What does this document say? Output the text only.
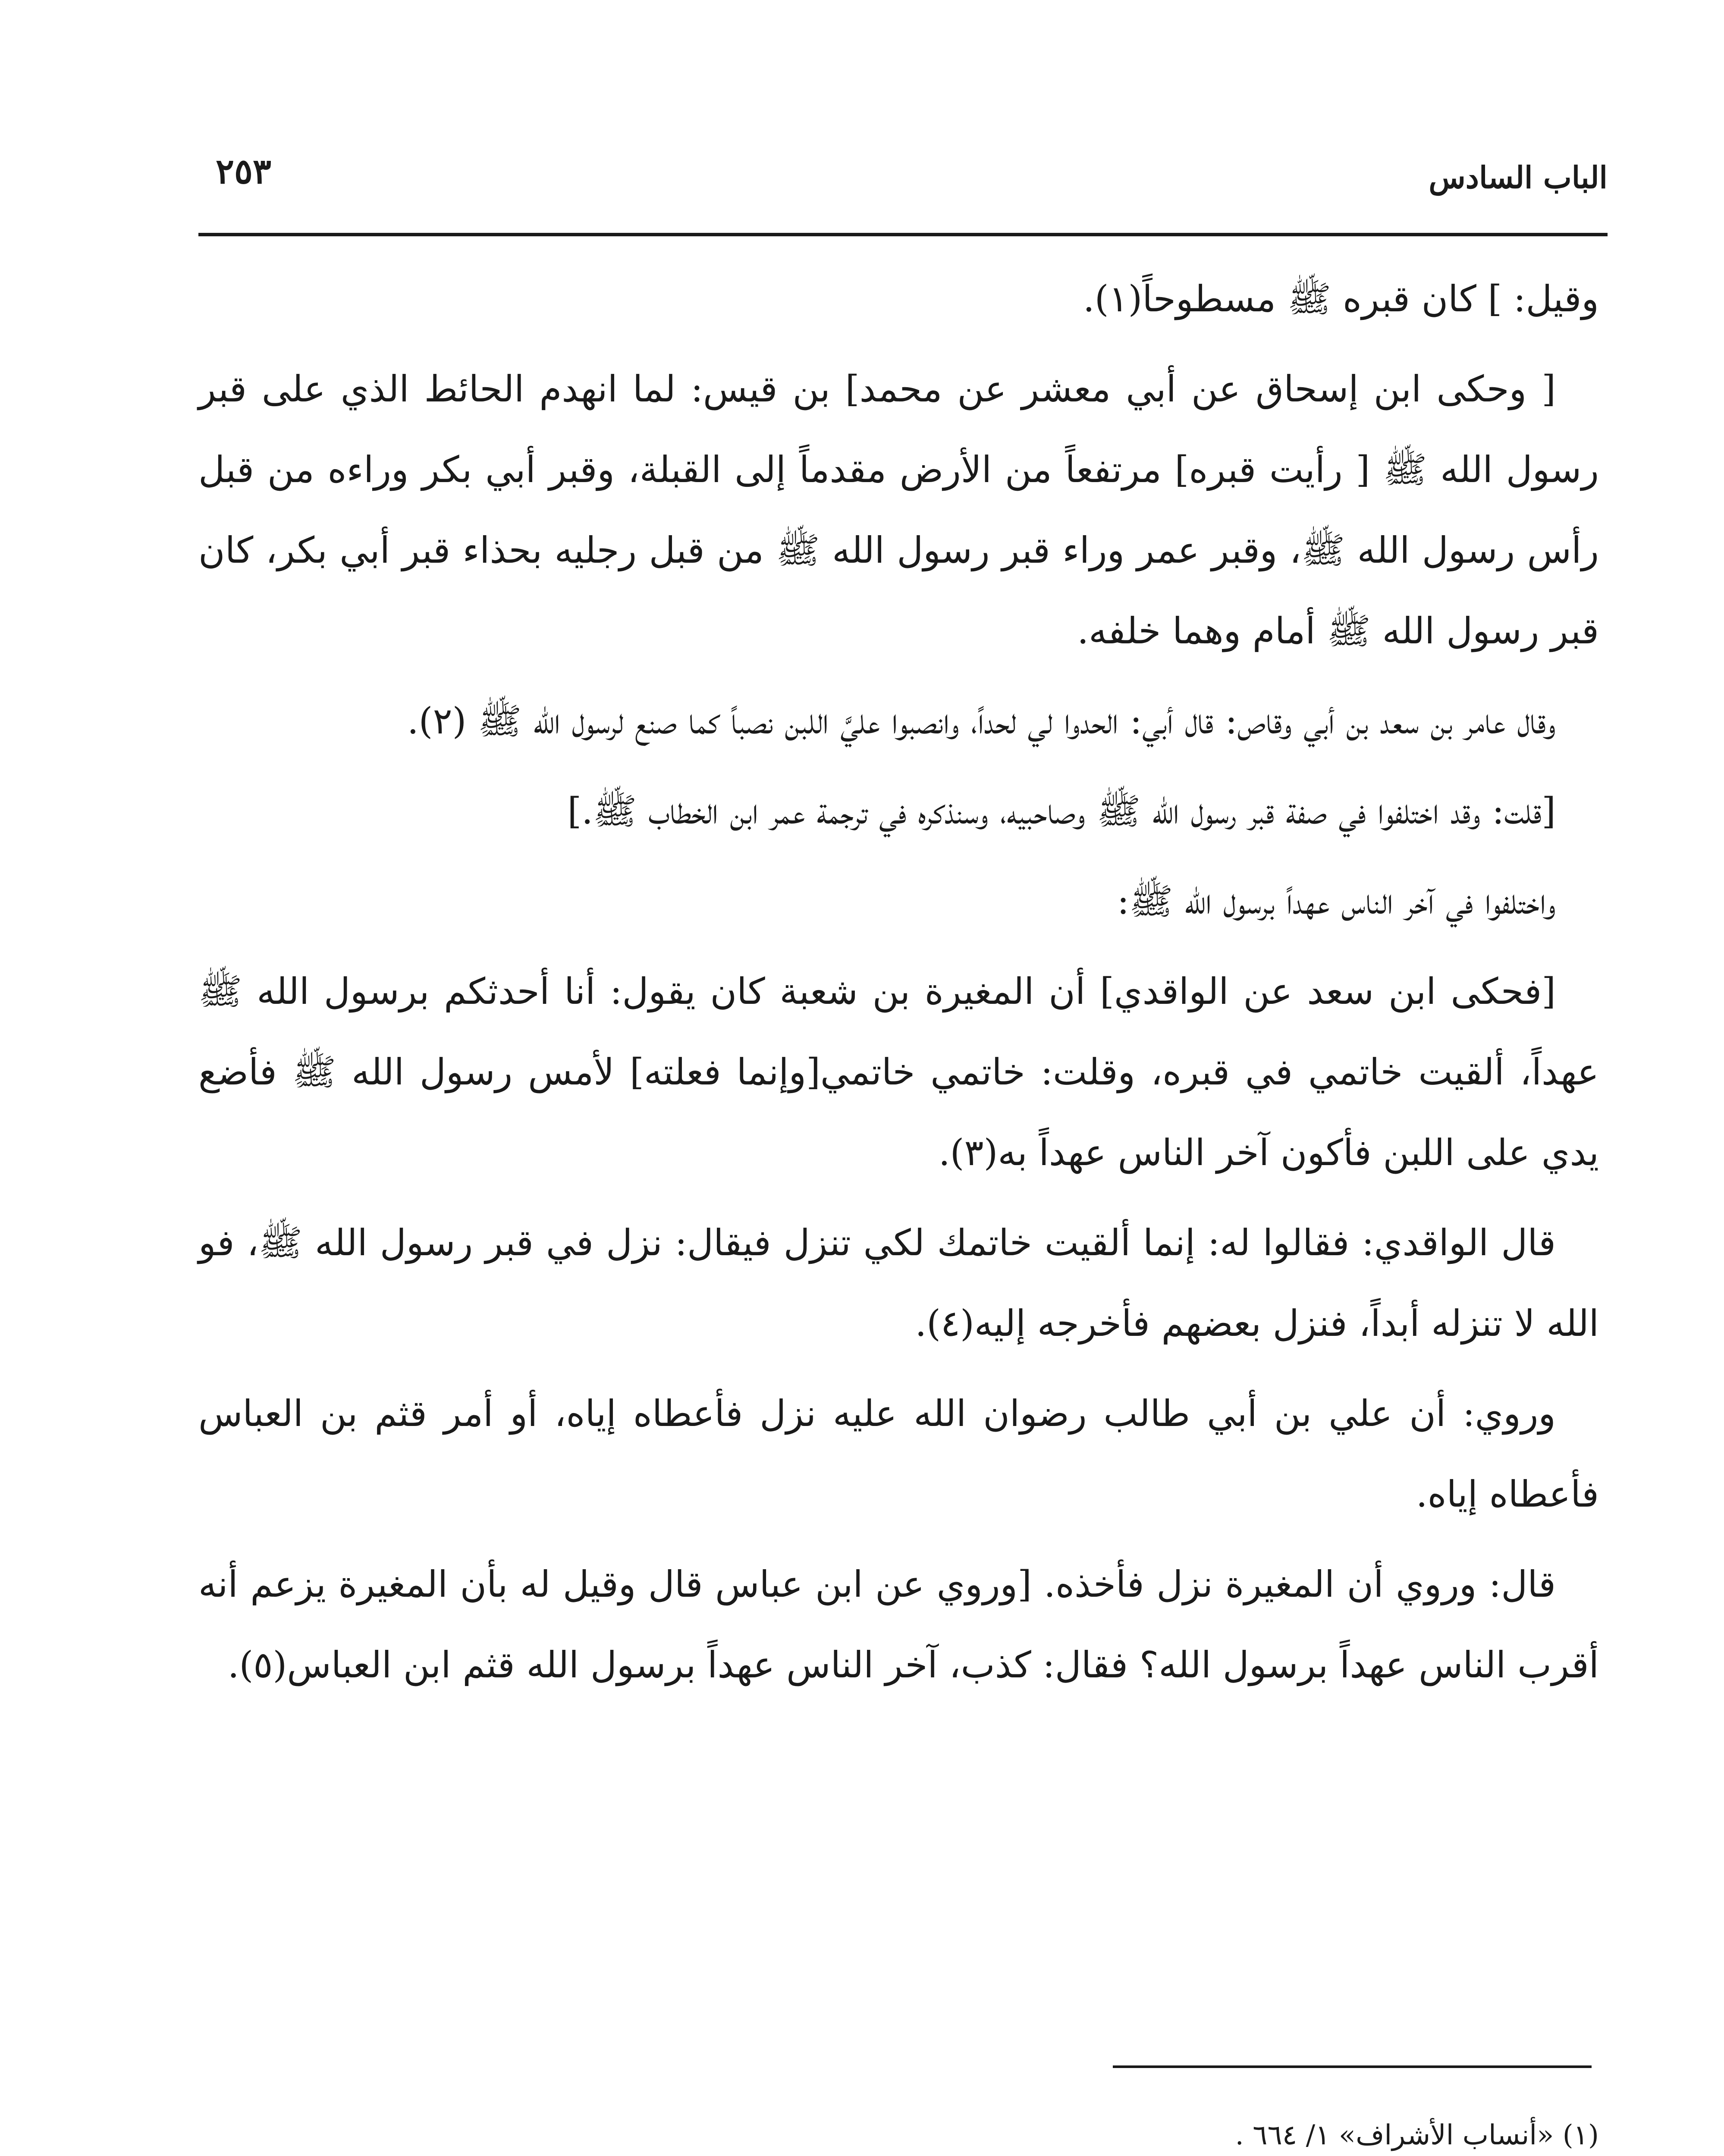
الباب السادس
٢٥٣

وقيل: ] كان قبره ﷺ مسطوحاً(١).

[ وحكى ابن إسحاق عن أبي معشر عن محمد] بن قيس: لما انهدم الحائط الذي على قبر رسول الله ﷺ [ رأيت قبره] مرتفعاً من الأرض مقدماً إلى القبلة، وقبر أبي بكر وراءه من قبل رأس رسول الله ﷺ، وقبر عمر وراء قبر رسول الله ﷺ من قبل رجليه بحذاء قبر أبي بكر، كان قبر رسول الله ﷺ أمام وهما خلفه.

وقال عامر بن سعد بن أبي وقاص: قال أبي: الحدوا لي لحداً، وانصبوا عليَّ اللبن نصباً كما صنع لرسول الله ﷺ (٢).

[قلت: وقد اختلفوا في صفة قبر رسول الله ﷺ وصاحبيه، وسنذكره في ترجمة عمر ابن الخطاب ﷺ.]

واختلفوا في آخر الناس عهداً برسول الله ﷺ:

[فحكى ابن سعد عن الواقدي] أن المغيرة بن شعبة كان يقول: أنا أحدثكم برسول الله ﷺ عهداً، ألقيت خاتمي في قبره، وقلت: خاتمي خاتمي[وإنما فعلته] لأمس رسول الله ﷺ فأضع يدي على اللبن فأكون آخر الناس عهداً به(٣).

قال الواقدي: فقالوا له: إنما ألقيت خاتمك لكي تنزل فيقال: نزل في قبر رسول الله ﷺ، فو الله لا تنزله أبداً، فنزل بعضهم فأخرجه إليه(٤).

وروي: أن علي بن أبي طالب رضوان الله عليه نزل فأعطاه إياه، أو أمر قثم بن العباس فأعطاه إياه.

قال: وروي أن المغيرة نزل فأخذه. [وروي عن ابن عباس قال وقيل له بأن المغيرة يزعم أنه أقرب الناس عهداً برسول الله؟ فقال: كذب، آخر الناس عهداً برسول الله قثم ابن العباس(٥).

(١) «أنساب الأشراف» ١/ ٦٦٤ .
